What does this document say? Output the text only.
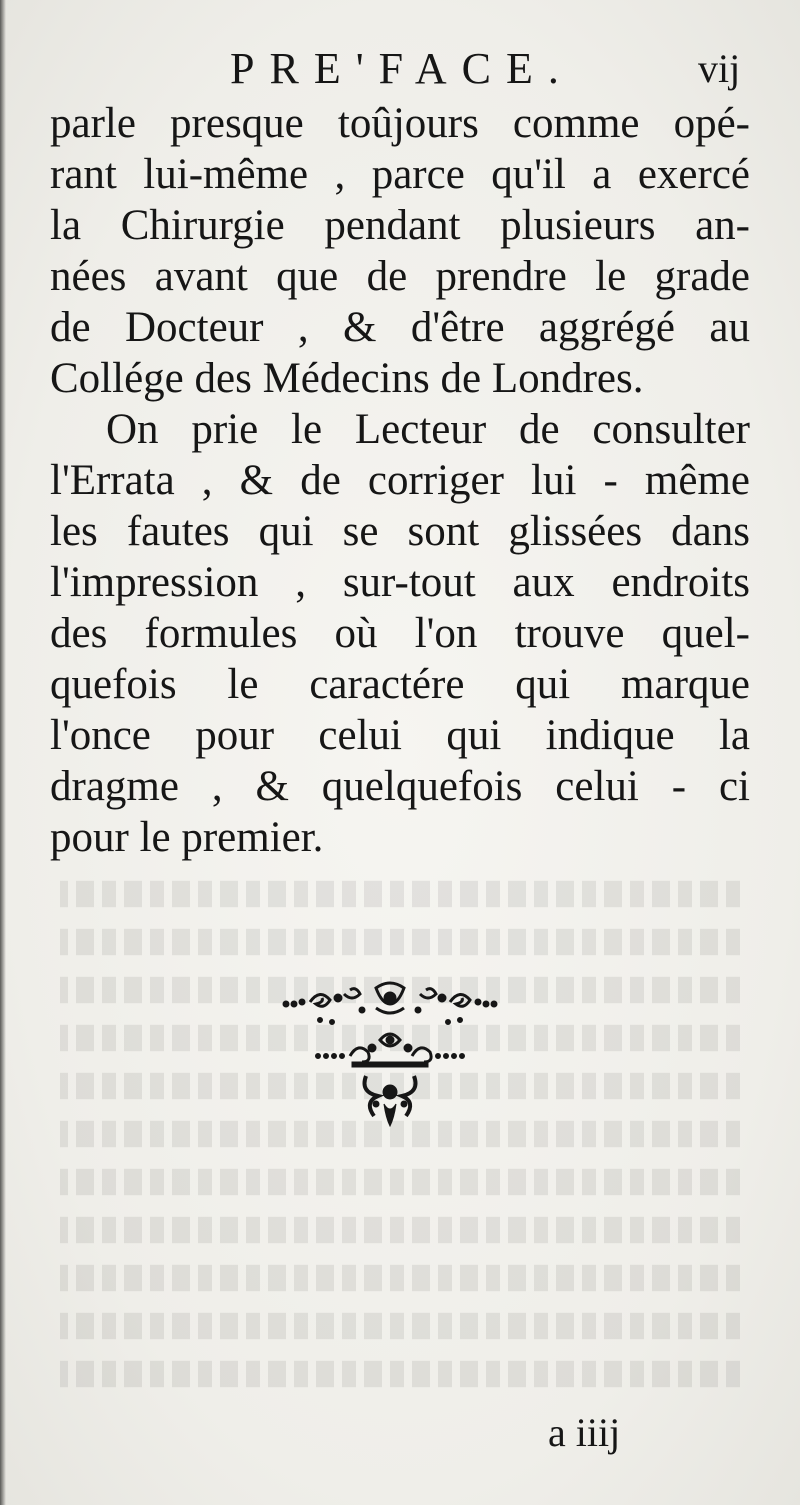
PRE'FACE.	vij
parle presque toûjours comme opé-
rant lui-même , parce qu'il a exercé
la Chirurgie pendant plusieurs an-
nées avant que de prendre le grade
de Docteur , & d'être aggrégé au
Collége des Médecins de Londres.
On prie le Lecteur de consulter
l'Errata , & de corriger lui - même
les fautes qui se sont glissées dans
l'impression , sur-tout aux endroits
des formules où l'on trouve quel-
quefois le caractére qui marque
l'once pour celui qui indique la
dragme , & quelquefois celui - ci
pour le premier.
a iiij
